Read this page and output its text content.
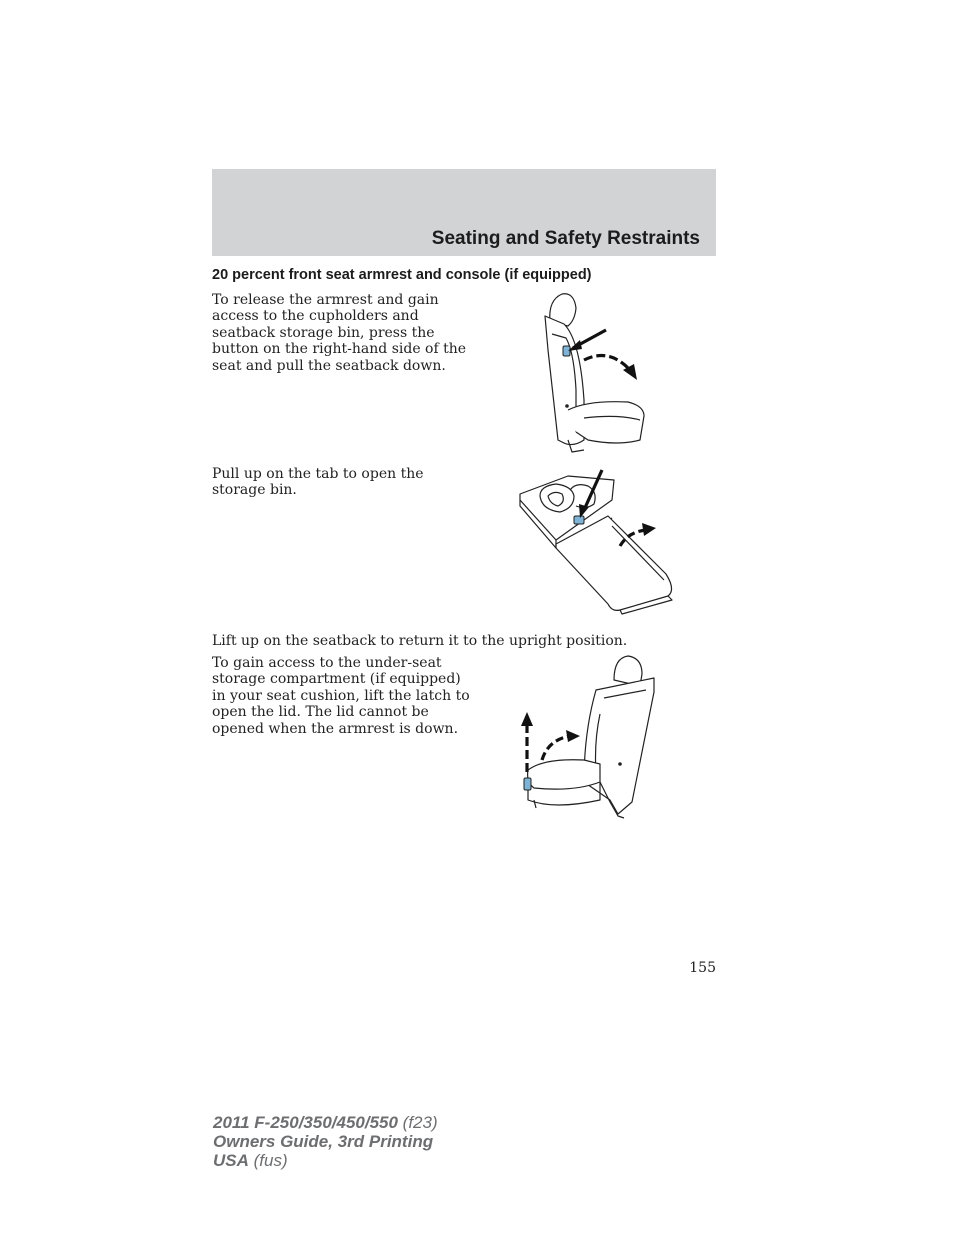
Seating and Safety Restraints
20 percent front seat armrest and console (if equipped)
To release the armrest and gain access to the cupholders and seatback storage bin, press the button on the right-hand side of the seat and pull the seatback down.
Pull up on the tab to open the storage bin.
Lift up on the seatback to return it to the upright position.
To gain access to the under-seat storage compartment (if equipped) in your seat cushion, lift the latch to open the lid. The lid cannot be opened when the armrest is down.
155
2011 F-250/350/450/550 (f23)
Owners Guide, 3rd Printing
USA (fus)
